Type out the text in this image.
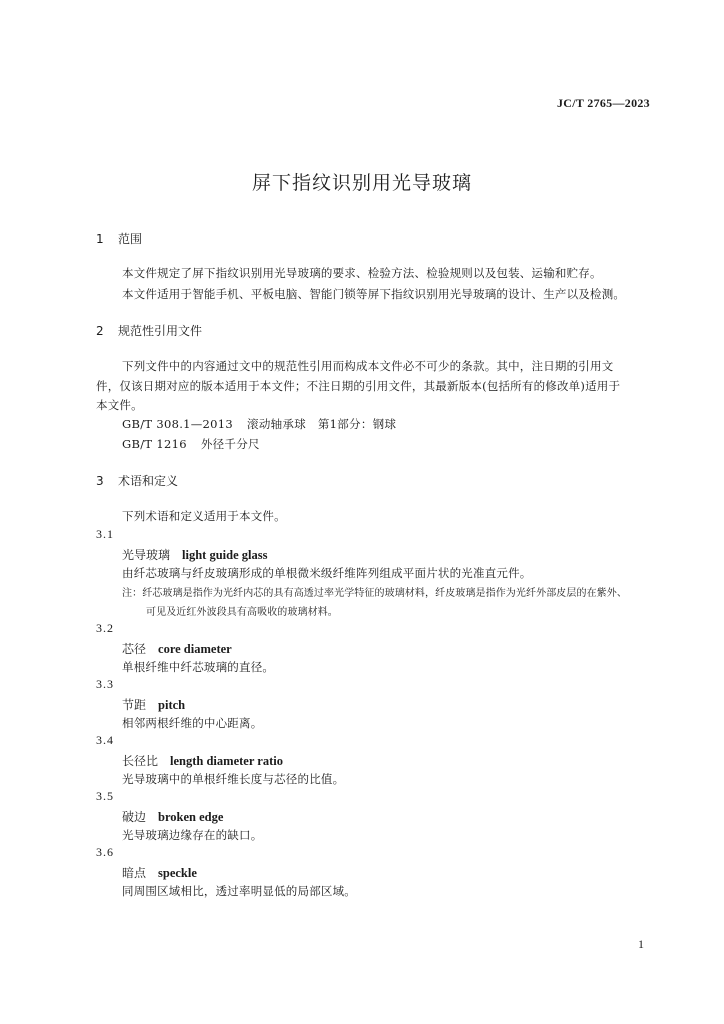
JC/T 2765—2023
屏下指纹识别用光导玻璃
1 范围
本文件规定了屏下指纹识别用光导玻璃的要求、检验方法、检验规则以及包装、运输和贮存。
本文件适用于智能手机、平板电脑、智能门锁等屏下指纹识别用光导玻璃的设计、生产以及检测。
2 规范性引用文件
下列文件中的内容通过文中的规范性引用而构成本文件必不可少的条款。其中，注日期的引用文
件，仅该日期对应的版本适用于本文件；不注日期的引用文件，其最新版本(包括所有的修改单)适用于
本文件。
GB/T 308.1—2013 滚动轴承球　第1部分：钢球
GB/T 1216 外径千分尺
3 术语和定义
下列术语和定义适用于本文件。
3.1
光导玻璃 light guide glass
由纤芯玻璃与纤皮玻璃形成的单根微米级纤维阵列组成平面片状的光准直元件。
注：纤芯玻璃是指作为光纤内芯的具有高透过率光学特征的玻璃材料，纤皮玻璃是指作为光纤外部皮层的在紫外、
可见及近红外波段具有高吸收的玻璃材料。
3.2
芯径 core diameter
单根纤维中纤芯玻璃的直径。
3.3
节距 pitch
相邻两根纤维的中心距离。
3.4
长径比 length diameter ratio
光导玻璃中的单根纤维长度与芯径的比值。
3.5
破边 broken edge
光导玻璃边缘存在的缺口。
3.6
暗点 speckle
同周围区域相比，透过率明显低的局部区域。
1
